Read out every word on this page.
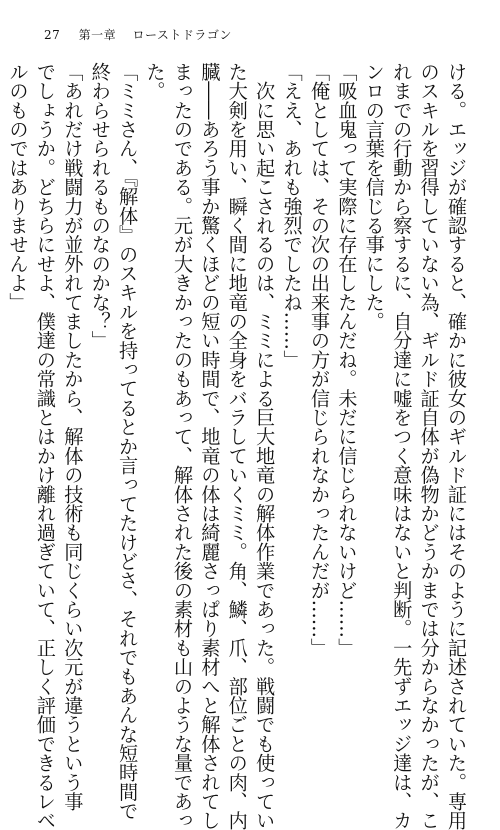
27 第一章 ローストドラゴン
ける。エッジが確認すると、確かに彼女のギルド証にはそのように記述されていた。専用
のスキルを習得していない為、ギルド証自体が偽物かどうかまでは分からなかったが、こ
れまでの行動から察するに、自分達に嘘をつく意味はないと判断。一先ずエッジ達は、カ
ンロの言葉を信じる事にした。
「吸血鬼って実際に存在したんだね。未だに信じられないけど……」
「俺としては、その次の出来事の方が信じられなかったんだが……」
「ええ、あれも強烈でしたね……」
　次に思い起こされるのは、ミミによる巨大地竜の解体作業であった。戦闘でも使ってい
た大剣を用い、瞬く間に地竜の全身をバラしていくミミ。角、鱗、爪、部位ごとの肉、内
臓――あろう事か驚くほどの短い時間で、地竜の体は綺麗さっぱり素材へと解体されてし
まったのである。元が大きかったのもあって、解体された後の素材も山のような量であっ
た。
「ミミさん、『解体』のスキルを持ってるとか言ってたけどさ、それでもあんな短時間で
終わらせられるものなのかな？」
「あれだけ戦闘力が並外れてましたから、解体の技術も同じくらい次元が違うという事
でしょうか。どちらにせよ、僕達の常識とはかけ離れ過ぎていて、正しく評価できるレベ
ルのものではありませんよ」
